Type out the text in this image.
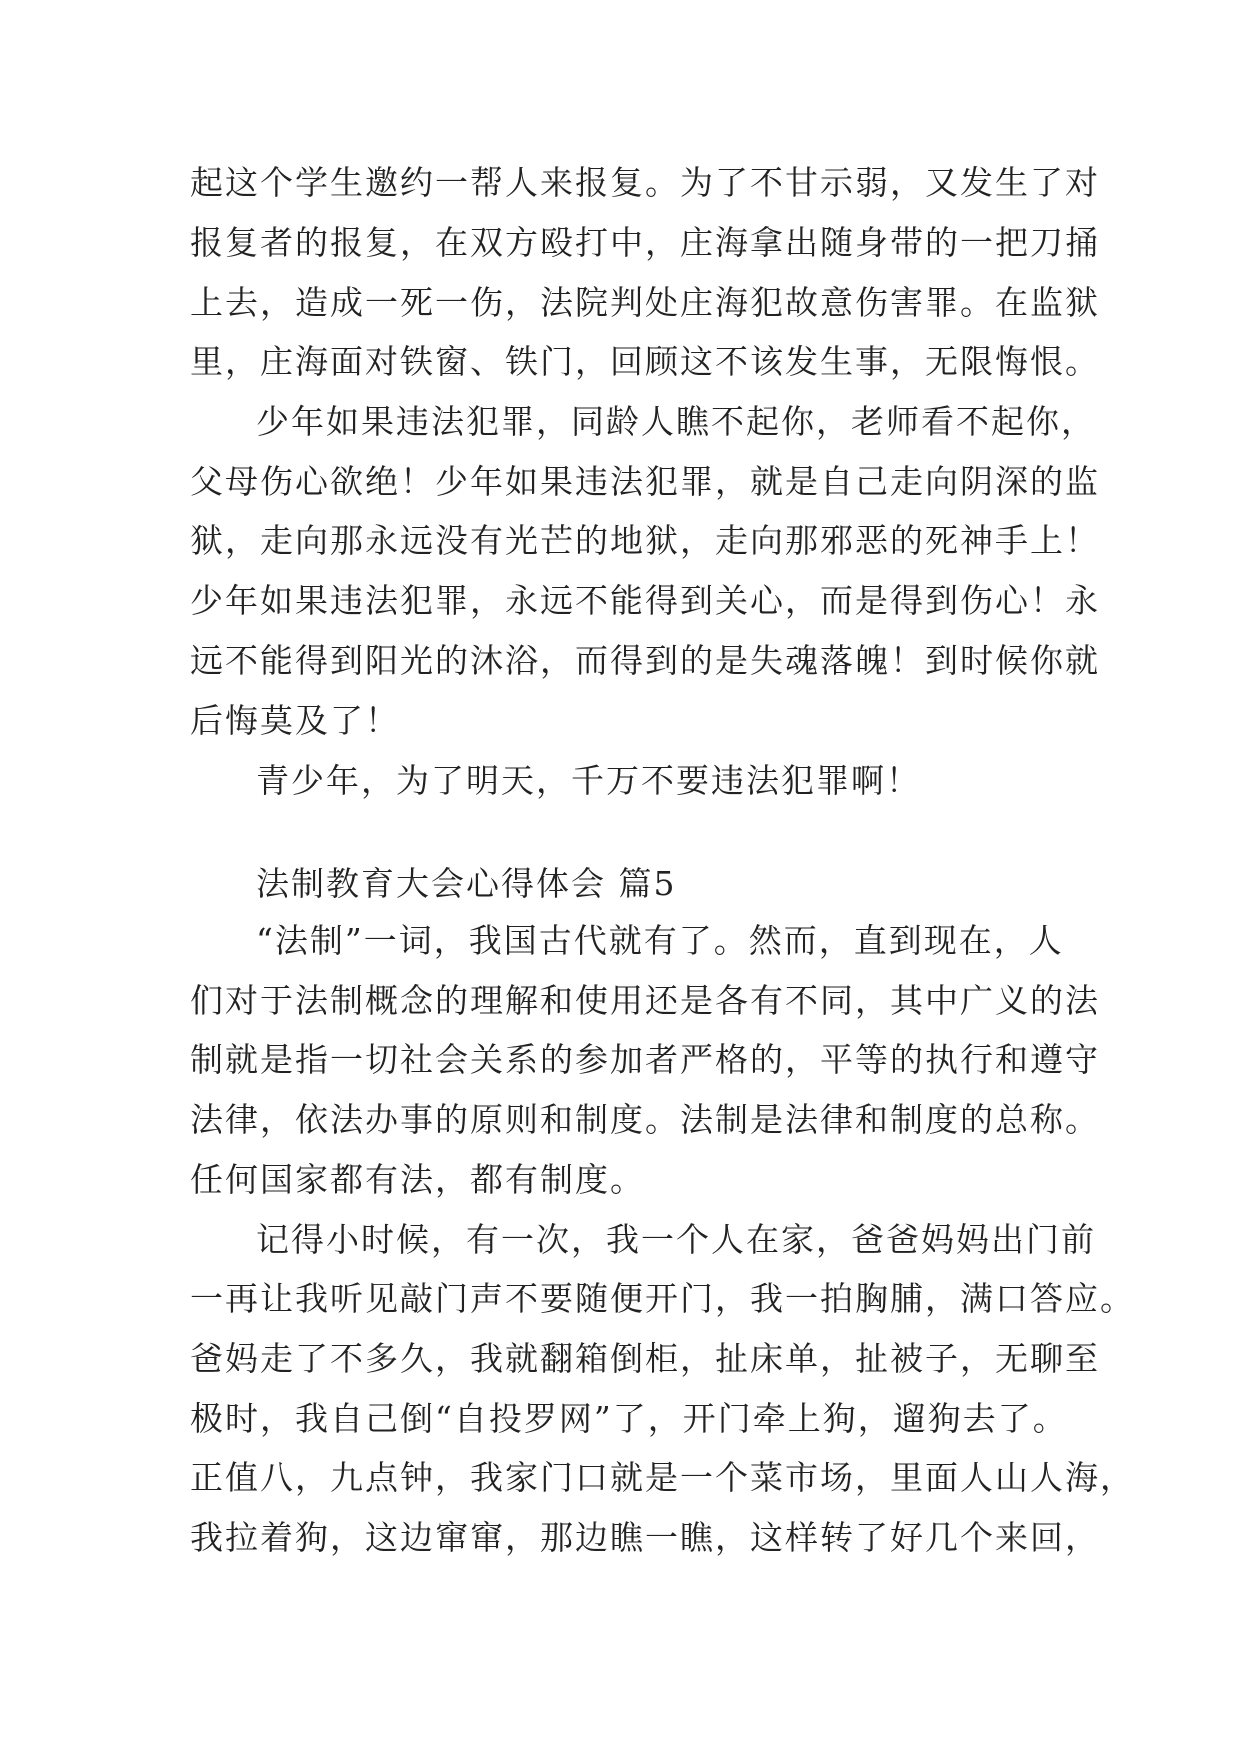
起这个学生邀约一帮人来报复。为了不甘示弱，又发生了对
报复者的报复，在双方殴打中，庄海拿出随身带的一把刀捅
上去，造成一死一伤，法院判处庄海犯故意伤害罪。在监狱
里，庄海面对铁窗、铁门，回顾这不该发生事，无限悔恨。
少年如果违法犯罪，同龄人瞧不起你，老师看不起你，
父母伤心欲绝！少年如果违法犯罪，就是自己走向阴深的监
狱，走向那永远没有光芒的地狱，走向那邪恶的死神手上！
少年如果违法犯罪，永远不能得到关心，而是得到伤心！永
远不能得到阳光的沐浴，而得到的是失魂落魄！到时候你就
后悔莫及了！
青少年，为了明天，千万不要违法犯罪啊！
法制教育大会心得体会 篇5
“法制”一词，我国古代就有了。然而，直到现在，人
们对于法制概念的理解和使用还是各有不同，其中广义的法
制就是指一切社会关系的参加者严格的，平等的执行和遵守
法律，依法办事的原则和制度。法制是法律和制度的总称。
任何国家都有法，都有制度。
记得小时候，有一次，我一个人在家，爸爸妈妈出门前
一再让我听见敲门声不要随便开门，我一拍胸脯，满口答应。
爸妈走了不多久，我就翻箱倒柜，扯床单，扯被子，无聊至
极时，我自己倒“自投罗网”了，开门牵上狗，遛狗去了。
正值八，九点钟，我家门口就是一个菜市场，里面人山人海，
我拉着狗，这边窜窜，那边瞧一瞧，这样转了好几个来回，
